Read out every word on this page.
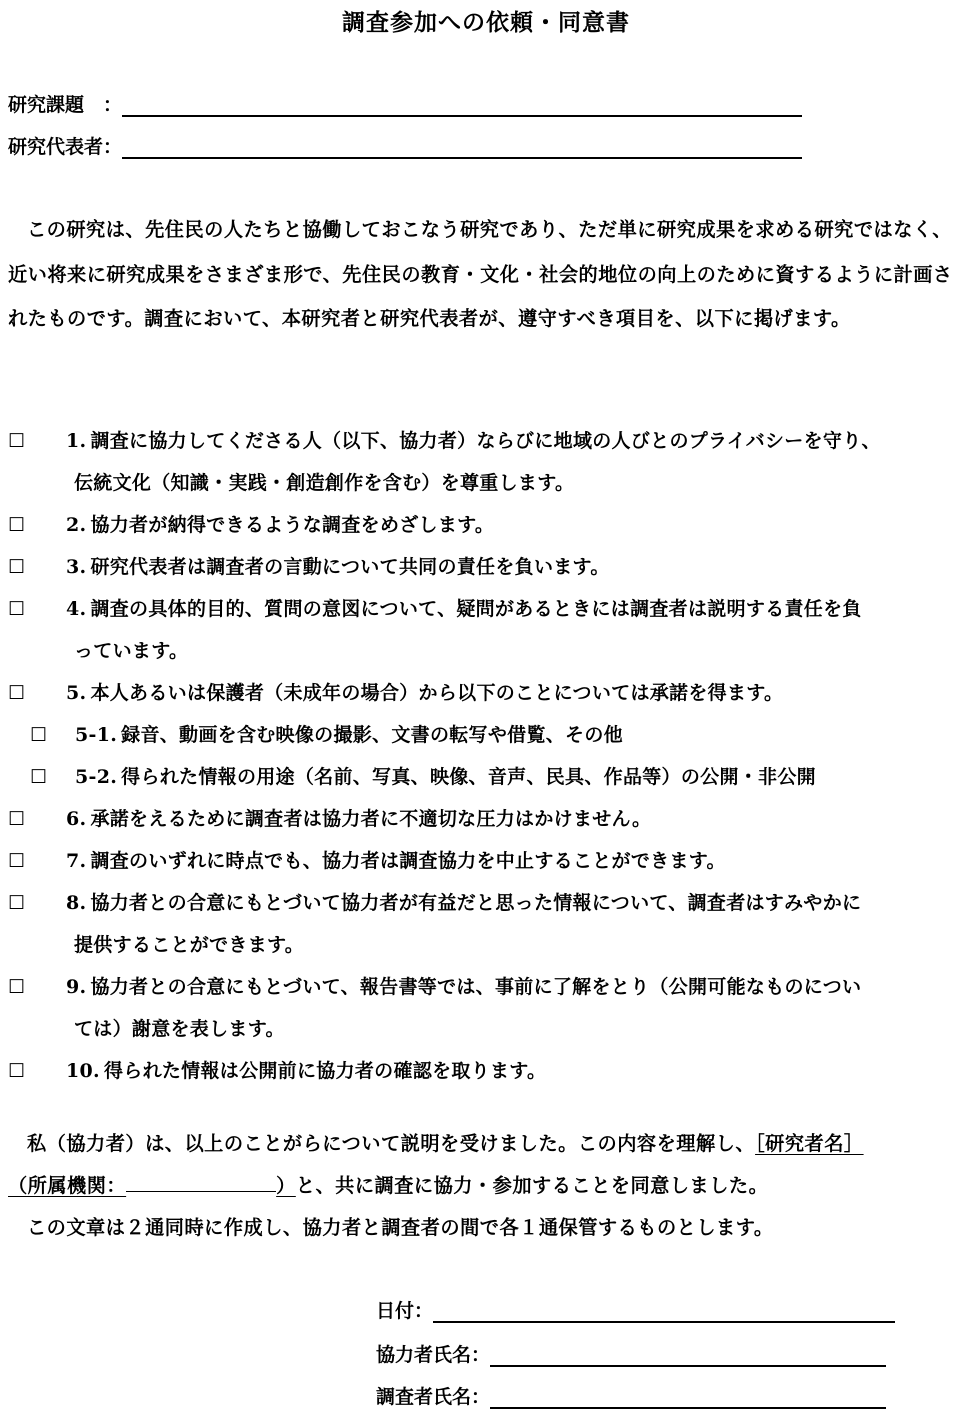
調査参加への依頼・同意書
研究課題　：
研究代表者：

この研究は、先住民の人たちと協働しておこなう研究であり、ただ単に研究成果を求める研究ではなく、近い将来に研究成果をさまざま形で、先住民の教育・文化・社会的地位の向上のために資するように計画されたものです。調査において、本研究者と研究代表者が、遵守すべき項目を、以下に掲げます。

☐ 1. 調査に協力してくださる人（以下、協力者）ならびに地域の人びとのプライバシーを守り、
伝統文化（知識・実践・創造創作を含む）を尊重します。
☐ 2. 協力者が納得できるような調査をめざします。
☐ 3. 研究代表者は調査者の言動について共同の責任を負います。
☐ 4. 調査の具体的目的、質問の意図について、疑問があるときには調査者は説明する責任を負
っています。
☐ 5. 本人あるいは保護者（未成年の場合）から以下のことについては承諾を得ます。
☐ 5-1. 録音、動画を含む映像の撮影、文書の転写や借覧、その他
☐ 5-2. 得られた情報の用途（名前、写真、映像、音声、民具、作品等）の公開・非公開
☐ 6. 承諾をえるために調査者は協力者に不適切な圧力はかけません。
☐ 7. 調査のいずれに時点でも、協力者は調査協力を中止することができます。
☐ 8. 協力者との合意にもとづいて協力者が有益だと思った情報について、調査者はすみやかに
提供することができます。
☐ 9. 協力者との合意にもとづいて、報告書等では、事前に了解をとり（公開可能なものについ
ては）謝意を表します。
☐ 10. 得られた情報は公開前に協力者の確認を取ります。
私（協力者）は、以上のことがらについて説明を受けました。この内容を理解し、［研究者名］
（所属機関：	）と、共に調査に協力・参加することを同意しました。
この文章は２通同時に作成し、協力者と調査者の間で各１通保管するものとします。
日付：
協力者氏名：
調査者氏名：
